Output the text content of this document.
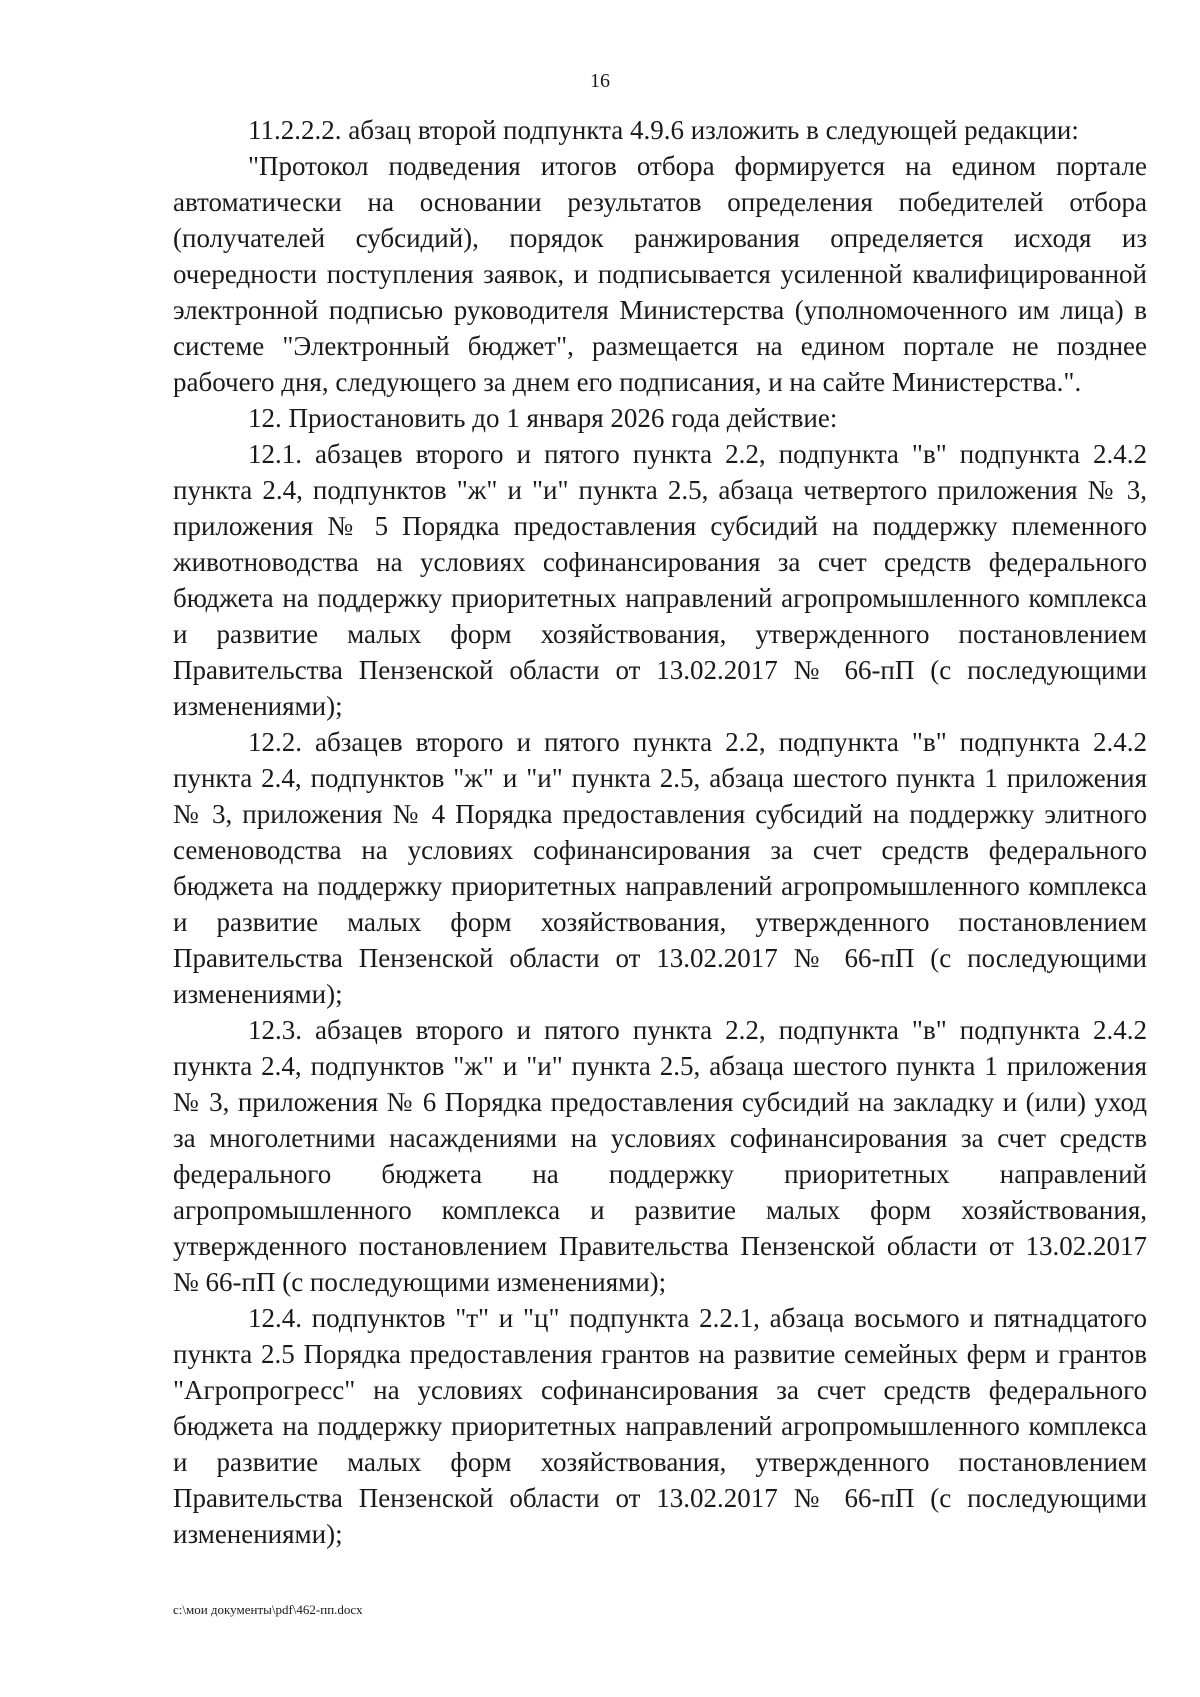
16

11.2.2.2. абзац второй подпункта 4.9.6 изложить в следующей редакции:

"Протокол подведения итогов отбора формируется на едином портале автоматически на основании результатов определения победителей отбора (получателей субсидий), порядок ранжирования определяется исходя из очередности поступления заявок, и подписывается усиленной квалифицированной электронной подписью руководителя Министерства (уполномоченного им лица) в системе "Электронный бюджет", размещается на едином портале не позднее рабочего дня, следующего за днем его подписания, и на сайте Министерства.".

12. Приостановить до 1 января 2026 года действие:

12.1. абзацев второго и пятого пункта 2.2, подпункта "в" подпункта 2.4.2 пункта 2.4, подпунктов "ж" и "и" пункта 2.5, абзаца четвертого приложения № 3, приложения № 5 Порядка предоставления субсидий на поддержку племенного животноводства на условиях софинансирования за счет средств федерального бюджета на поддержку приоритетных направлений агропромышленного комплекса и развитие малых форм хозяйствования, утвержденного постановлением Правительства Пензенской области от 13.02.2017 № 66-пП (с последующими изменениями);

12.2. абзацев второго и пятого пункта 2.2, подпункта "в" подпункта 2.4.2 пункта 2.4, подпунктов "ж" и "и" пункта 2.5, абзаца шестого пункта 1 приложения № 3, приложения № 4 Порядка предоставления субсидий на поддержку элитного семеноводства на условиях софинансирования за счет средств федерального бюджета на поддержку приоритетных направлений агропромышленного комплекса и развитие малых форм хозяйствования, утвержденного постановлением Правительства Пензенской области от 13.02.2017 № 66-пП (с последующими изменениями);

12.3. абзацев второго и пятого пункта 2.2, подпункта "в" подпункта 2.4.2 пункта 2.4, подпунктов "ж" и "и" пункта 2.5, абзаца шестого пункта 1 приложения № 3, приложения № 6 Порядка предоставления субсидий на закладку и (или) уход за многолетними насаждениями на условиях софинансирования за счет средств федерального бюджета на поддержку приоритетных направлений агропромышленного комплекса и развитие малых форм хозяйствования, утвержденного постановлением Правительства Пензенской области от 13.02.2017 № 66-пП (с последующими изменениями);

12.4. подпунктов "т" и "ц" подпункта 2.2.1, абзаца восьмого и пятнадцатого пункта 2.5 Порядка предоставления грантов на развитие семейных ферм и грантов "Агропрогресс" на условиях софинансирования за счет средств федерального бюджета на поддержку приоритетных направлений агропромышленного комплекса и развитие малых форм хозяйствования, утвержденного постановлением Правительства Пензенской области от 13.02.2017 № 66-пП (с последующими изменениями);

c:\мои документы\pdf\462-пп.docx
